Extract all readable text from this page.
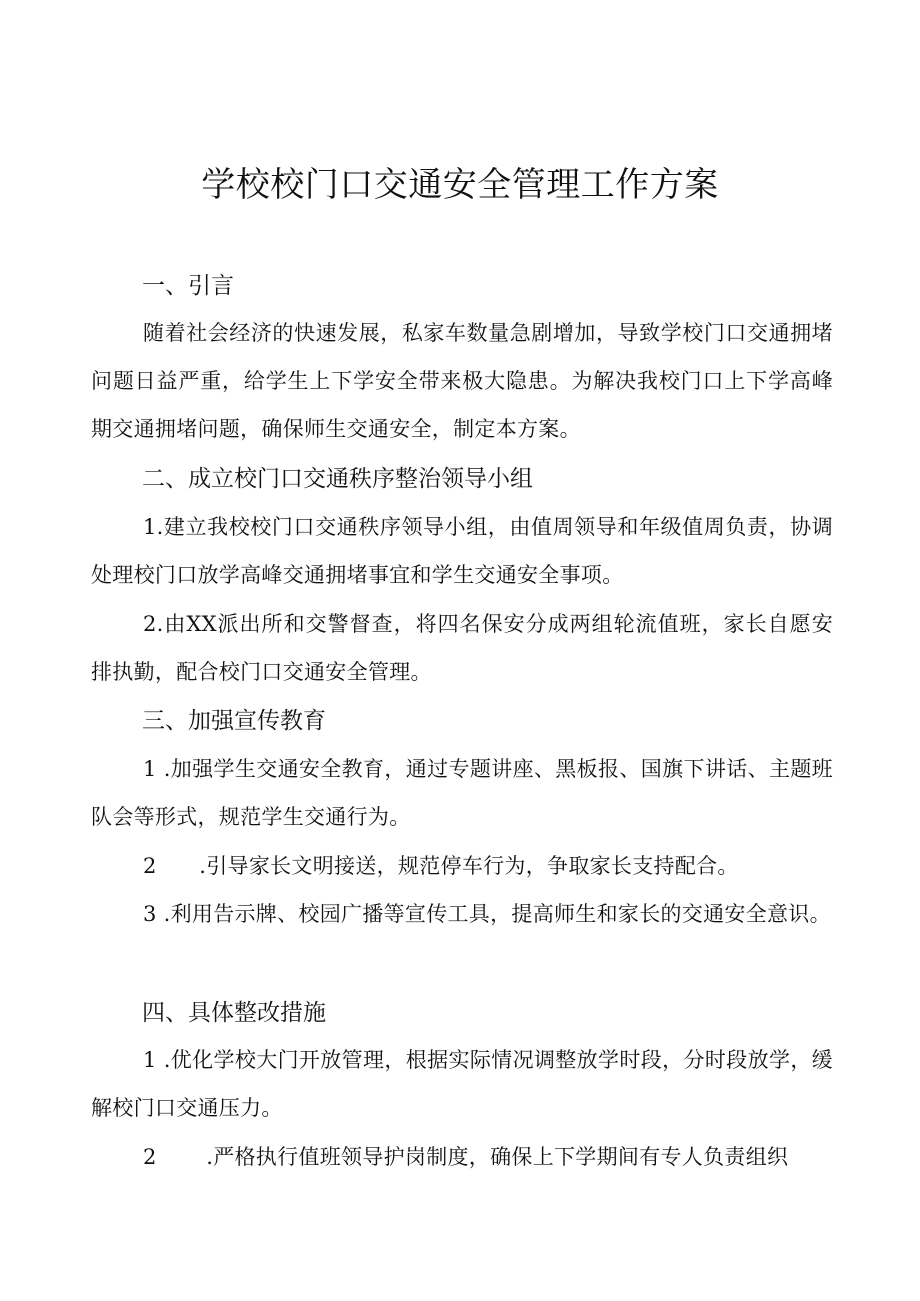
学校校门口交通安全管理工作方案
一、引言
随着社会经济的快速发展，私家车数量急剧增加，导致学校门口交通拥堵问题日益严重，给学生上下学安全带来极大隐患。为解决我校门口上下学高峰期交通拥堵问题，确保师生交通安全，制定本方案。
二、成立校门口交通秩序整治领导小组
1.建立我校校门口交通秩序领导小组，由值周领导和年级值周负责，协调处理校门口放学高峰交通拥堵事宜和学生交通安全事项。
2.由XX派出所和交警督查，将四名保安分成两组轮流值班，家长自愿安排执勤，配合校门口交通安全管理。
三、加强宣传教育
1 .加强学生交通安全教育，通过专题讲座、黑板报、国旗下讲话、主题班队会等形式，规范学生交通行为。
2　　.引导家长文明接送，规范停车行为，争取家长支持配合。
3 .利用告示牌、校园广播等宣传工具，提高师生和家长的交通安全意识。
四、具体整改措施
1 .优化学校大门开放管理，根据实际情况调整放学时段，分时段放学，缓解校门口交通压力。
2　　 .严格执行值班领导护岗制度，确保上下学期间有专人负责组织
